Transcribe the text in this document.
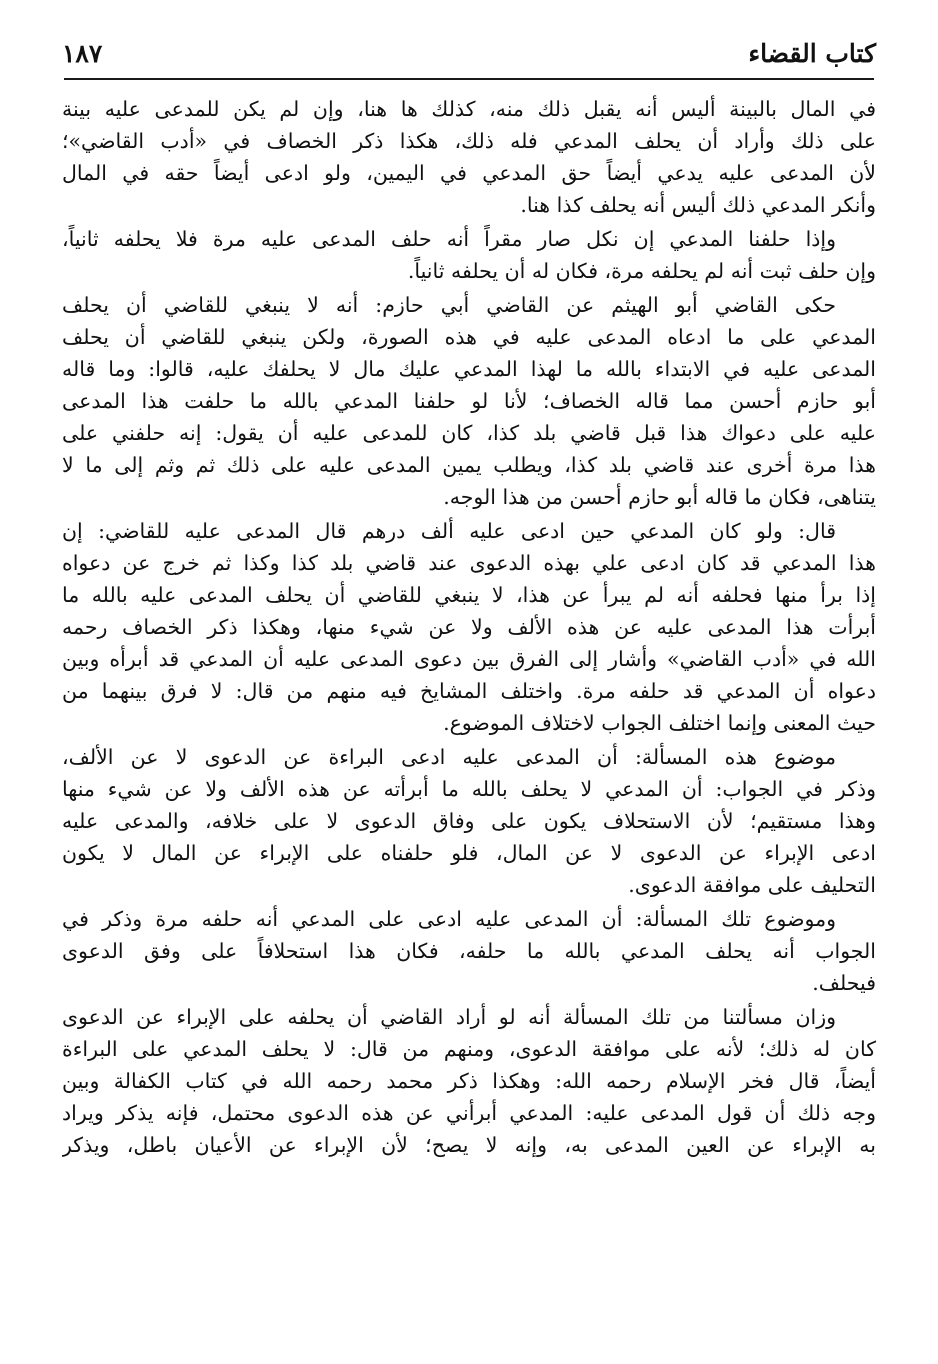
كتاب القضاء
١٨٧

في المال بالبينة أليس أنه يقبل ذلك منه، كذلك ها هنا، وإن لم يكن للمدعى عليه بينة
على ذلك وأراد أن يحلف المدعي فله ذلك، هكذا ذكر الخصاف في «أدب القاضي»؛
لأن المدعى عليه يدعي أيضاً حق المدعي في اليمين، ولو ادعى أيضاً حقه في المال
وأنكر المدعي ذلك أليس أنه يحلف كذا هنا.

وإذا حلفنا المدعي إن نكل صار مقراً أنه حلف المدعى عليه مرة فلا يحلفه ثانياً،
وإن حلف ثبت أنه لم يحلفه مرة، فكان له أن يحلفه ثانياً.

حكى القاضي أبو الهيثم عن القاضي أبي حازم: أنه لا ينبغي للقاضي أن يحلف
المدعي على ما ادعاه المدعى عليه في هذه الصورة، ولكن ينبغي للقاضي أن يحلف
المدعى عليه في الابتداء بالله ما لهذا المدعي عليك مال لا يحلفك عليه، قالوا: وما قاله
أبو حازم أحسن مما قاله الخصاف؛ لأنا لو حلفنا المدعي بالله ما حلفت هذا المدعى
عليه على دعواك هذا قبل قاضي بلد كذا، كان للمدعى عليه أن يقول: إنه حلفني على
هذا مرة أخرى عند قاضي بلد كذا، ويطلب يمين المدعى عليه على ذلك ثم وثم إلى ما لا
يتناهى، فكان ما قاله أبو حازم أحسن من هذا الوجه.

قال: ولو كان المدعي حين ادعى عليه ألف درهم قال المدعى عليه للقاضي: إن
هذا المدعي قد كان ادعى علي بهذه الدعوى عند قاضي بلد كذا وكذا ثم خرج عن دعواه
إذا برأ منها فحلفه أنه لم يبرأ عن هذا، لا ينبغي للقاضي أن يحلف المدعى عليه بالله ما
أبرأت هذا المدعى عليه عن هذه الألف ولا عن شيء منها، وهكذا ذكر الخصاف رحمه
الله في «أدب القاضي» وأشار إلى الفرق بين دعوى المدعى عليه أن المدعي قد أبرأه وبين
دعواه أن المدعي قد حلفه مرة. واختلف المشايخ فيه منهم من قال: لا فرق بينهما من
حيث المعنى وإنما اختلف الجواب لاختلاف الموضوع.

موضوع هذه المسألة: أن المدعى عليه ادعى البراءة عن الدعوى لا عن الألف،
وذكر في الجواب: أن المدعي لا يحلف بالله ما أبرأته عن هذه الألف ولا عن شيء منها
وهذا مستقيم؛ لأن الاستحلاف يكون على وفاق الدعوى لا على خلافه، والمدعى عليه
ادعى الإبراء عن الدعوى لا عن المال، فلو حلفناه على الإبراء عن المال لا يكون
التحليف على موافقة الدعوى.

وموضوع تلك المسألة: أن المدعى عليه ادعى على المدعي أنه حلفه مرة وذكر في
الجواب أنه يحلف المدعي بالله ما حلفه، فكان هذا استحلافاً على وفق الدعوى
فيحلف.

وزان مسألتنا من تلك المسألة أنه لو أراد القاضي أن يحلفه على الإبراء عن الدعوى
كان له ذلك؛ لأنه على موافقة الدعوى، ومنهم من قال: لا يحلف المدعي على البراءة
أيضاً، قال فخر الإسلام رحمه الله: وهكذا ذكر محمد رحمه الله في كتاب الكفالة وبين
وجه ذلك أن قول المدعى عليه: المدعي أبرأني عن هذه الدعوى محتمل، فإنه يذكر ويراد
به الإبراء عن العين المدعى به، وإنه لا يصح؛ لأن الإبراء عن الأعيان باطل، ويذكر
